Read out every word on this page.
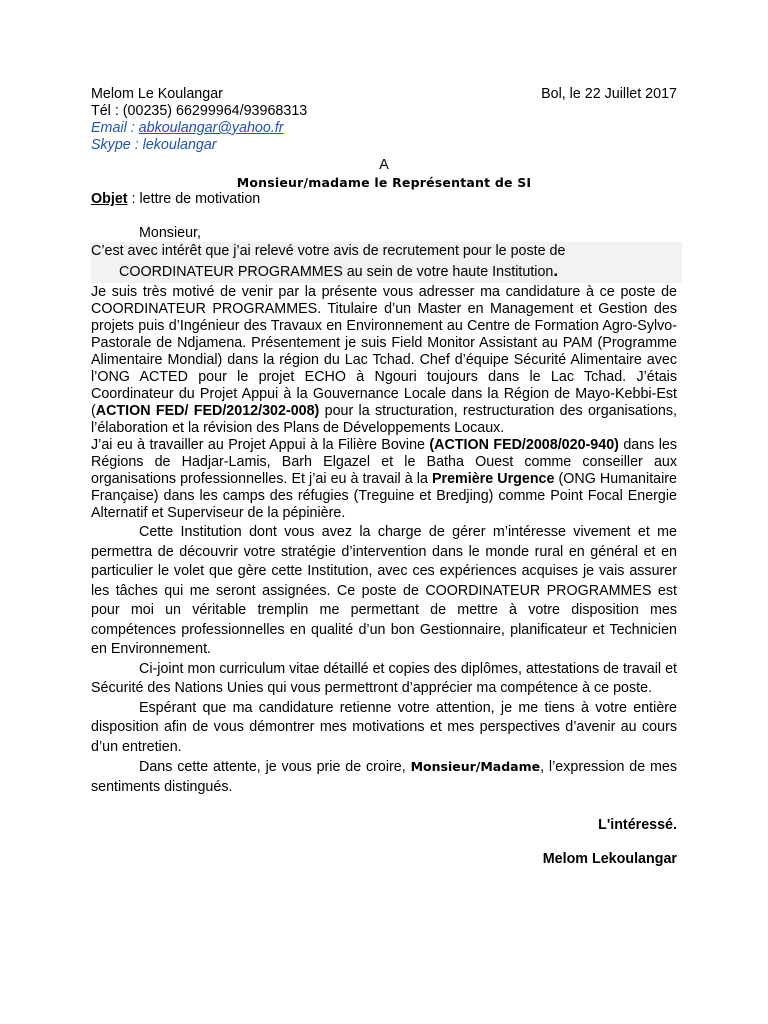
Melom Le Koulangar	Bol, le 22 Juillet 2017

Tél : (00235) 66299964/93968313

Email : abkoulangar@yahoo.fr

Skype : lekoulangar

A

Monsieur/madame le Représentant de SI

Objet : lettre de motivation

Monsieur,

C’est avec intérêt que j’ai relevé votre avis de recrutement pour le poste de

COORDINATEUR PROGRAMMES au sein de votre haute Institution.

Je suis très motivé de venir par la présente vous adresser ma candidature à ce poste de COORDINATEUR PROGRAMMES. Titulaire d’un Master en Management et Gestion des projets puis d’Ingénieur des Travaux en Environnement au Centre de Formation Agro-Sylvo-Pastorale de Ndjamena. Présentement je suis Field Monitor Assistant au PAM (Programme Alimentaire Mondial) dans la région du Lac Tchad. Chef d’équipe Sécurité Alimentaire avec l’ONG ACTED pour le projet ECHO à Ngouri toujours dans le Lac Tchad. J’étais Coordinateur du Projet Appui à la Gouvernance Locale dans la Région de Mayo-Kebbi-Est (ACTION FED/ FED/2012/302-008) pour la structuration, restructuration des organisations, l’élaboration et la révision des Plans de Développements Locaux.

J’ai eu à travailler au Projet Appui à la Filière Bovine (ACTION FED/2008/020-940) dans les Régions de Hadjar-Lamis, Barh Elgazel et le Batha Ouest comme conseiller aux organisations professionnelles. Et j’ai eu à travail à la Première Urgence (ONG Humanitaire Française) dans les camps des réfugies (Treguine et Bredjing) comme Point Focal Energie Alternatif et Superviseur de la pépinière.

Cette Institution dont vous avez la charge de gérer m’intéresse vivement et me permettra de découvrir votre stratégie d’intervention dans le monde rural en général et en particulier le volet que gère cette Institution, avec ces expériences acquises je vais assurer les tâches qui me seront assignées. Ce poste de COORDINATEUR PROGRAMMES est pour moi un véritable tremplin me permettant de mettre à votre disposition mes compétences professionnelles en qualité d’un bon Gestionnaire, planificateur et Technicien en Environnement.

Ci-joint mon curriculum vitae détaillé et copies des diplômes, attestations de travail et Sécurité des Nations Unies qui vous permettront d’apprécier ma compétence à ce poste.

Espérant que ma candidature retienne votre attention, je me tiens à votre entière disposition afin de vous démontrer mes motivations et mes perspectives d’avenir au cours d’un entretien.

Dans cette attente, je vous prie de croire, Monsieur/Madame, l’expression de mes sentiments distingués.

L'intéressé.

Melom Lekoulangar
